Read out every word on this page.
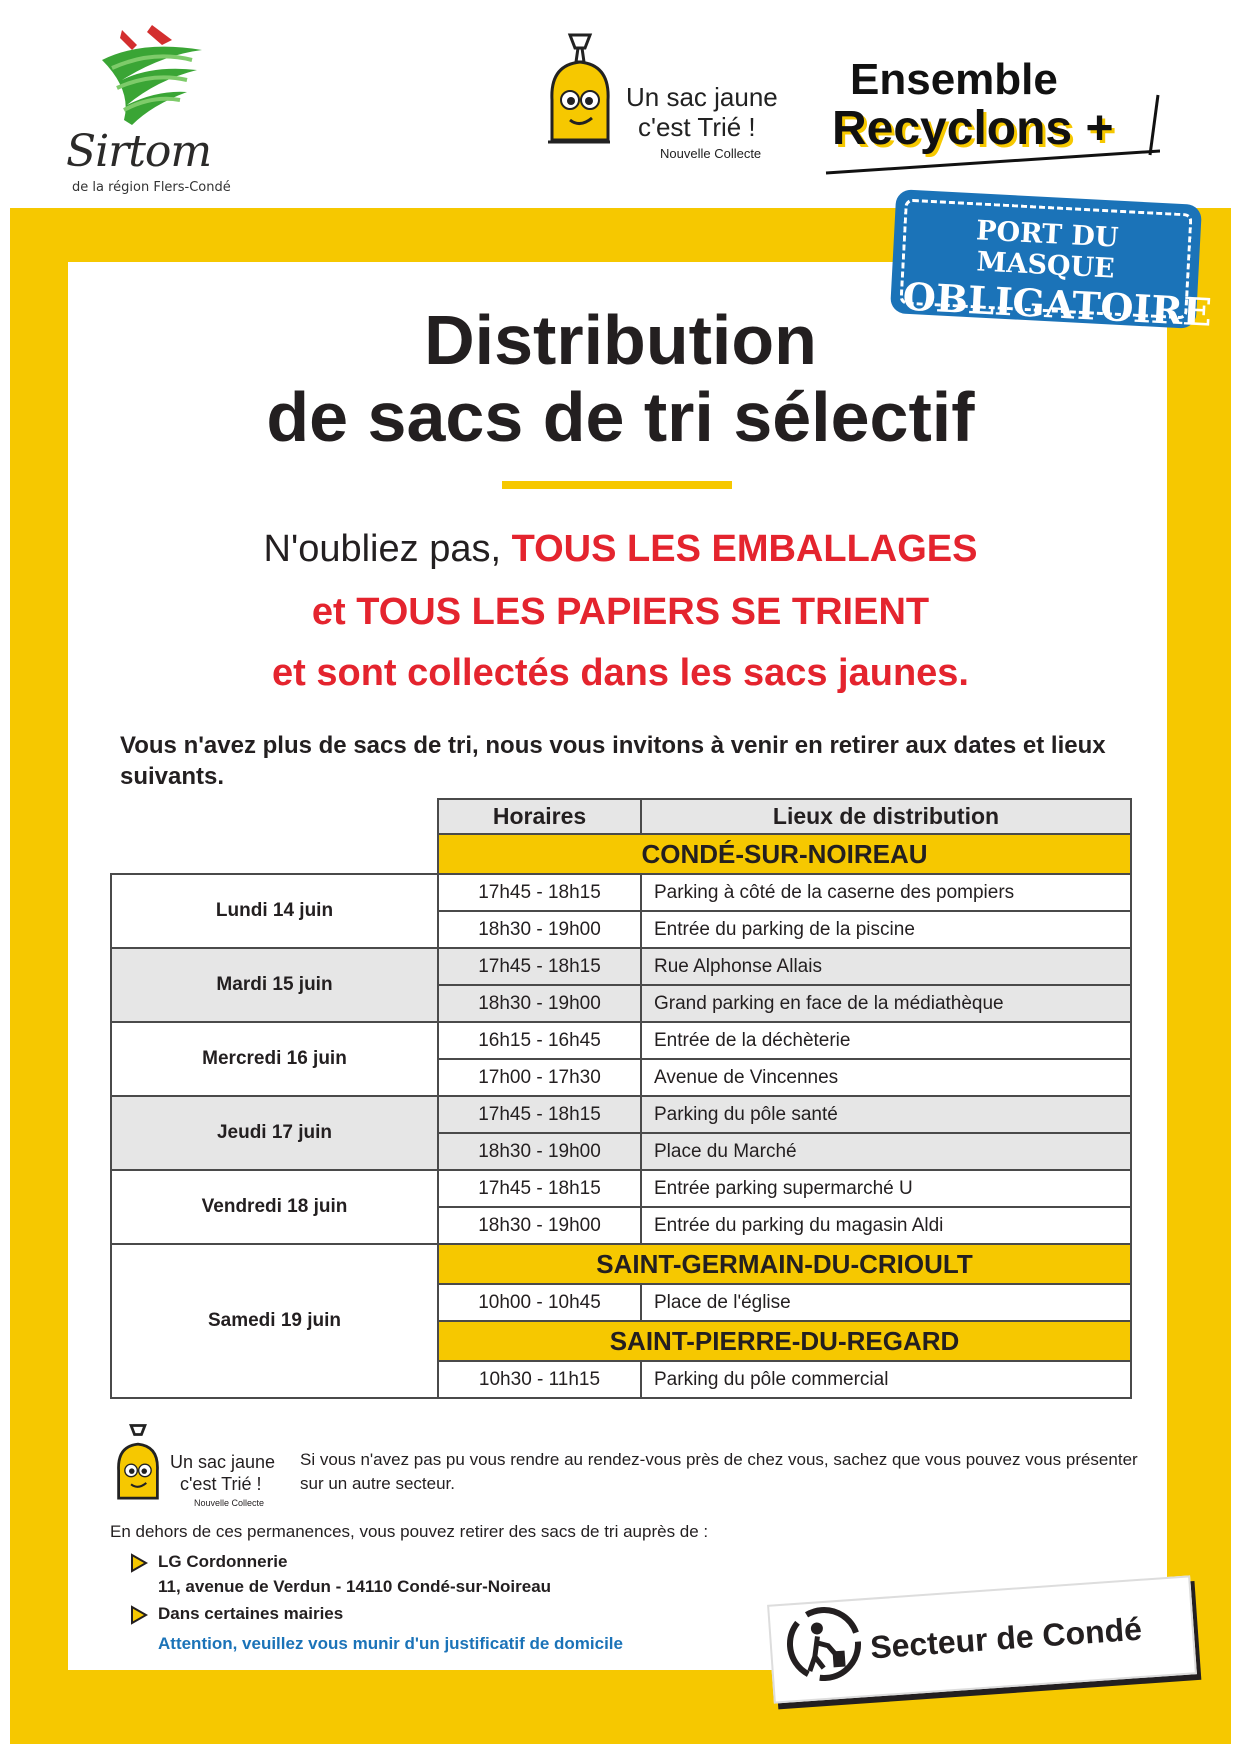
Sirtom
de la région Flers-Condé
Un sac jaune
c'est Trié !
Nouvelle Collecte
Ensemble
Recyclons +
PORT DU MASQUE
OBLIGATOIRE
Distribution
de sacs de tri sélectif
N'oubliez pas, TOUS LES EMBALLAGES
et TOUS LES PAPIERS SE TRIENT
et sont collectés dans les sacs jaunes.
Vous n'avez plus de sacs de tri, nous vous invitons à venir en retirer aux dates et lieux suivants.
	Horaires	Lieux de distribution
	CONDÉ-SUR-NOIREAU	
Lundi 14 juin	17h45 - 18h15	Parking à côté de la caserne des pompiers
	18h30 - 19h00	Entrée du parking de la piscine
Mardi 15 juin	17h45 - 18h15	Rue Alphonse Allais
	18h30 - 19h00	Grand parking en face de la médiathèque
Mercredi 16 juin	16h15 - 16h45	Entrée de la déchèterie
	17h00 - 17h30	Avenue de Vincennes
Jeudi 17 juin	17h45 - 18h15	Parking du pôle santé
	18h30 - 19h00	Place du Marché
Vendredi 18 juin	17h45 - 18h15	Entrée parking supermarché U
	18h30 - 19h00	Entrée du parking du magasin Aldi
Samedi 19 juin	SAINT-GERMAIN-DU-CRIOULT	
	10h00 - 10h45	Place de l'église
	SAINT-PIERRE-DU-REGARD	
	10h30 - 11h15	Parking du pôle commercial
Un sac jaune
c'est Trié !
Nouvelle Collecte
Si vous n'avez pas pu vous rendre au rendez-vous près de chez vous, sachez que vous pouvez vous présenter sur un autre secteur.
En dehors de ces permanences, vous pouvez retirer des sacs de tri auprès de :
LG Cordonnerie
11, avenue de Verdun - 14110 Condé-sur-Noireau
Dans certaines mairies
Attention, veuillez vous munir d'un justificatif de domicile	Secteur de Condé
